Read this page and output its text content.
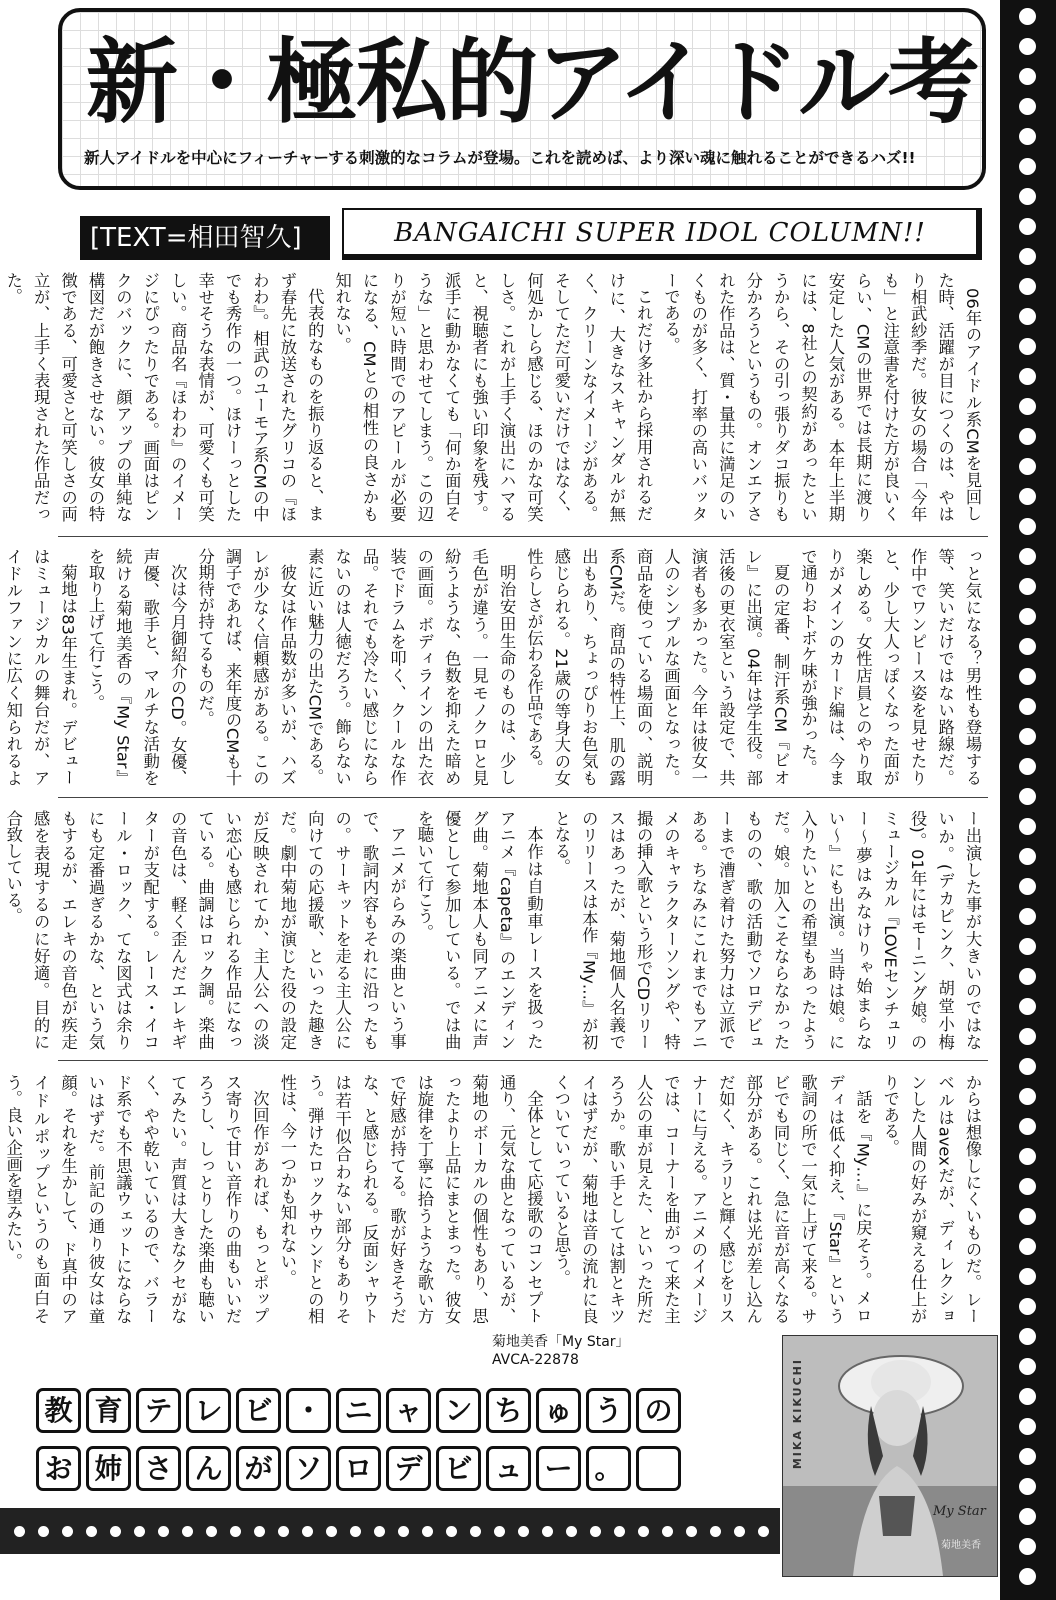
新・極私的アイドル考
新人アイドルを中心にフィーチャーする刺激的なコラムが登場。これを読めば、より深い魂に触れることができるハズ!!
[TEXT=相田智久]	BANGAICHI SUPER IDOL COLUMN!!

06年のアイドル系CMを見回した時、活躍が目につくのは、やはり相武紗季だ。彼女の場合「今年も」と注意書を付けた方が良いくらい、CMの世界では長期に渡り安定した人気がある。本年上半期には、8社との契約があったというから、その引っ張りダコ振りも分かろうというもの。オンエアされた作品は、質・量共に満足のいくものが多く、打率の高いバッターである。

これだけ多社から採用されるだけに、大きなスキャンダルが無く、クリーンなイメージがある。そしてただ可愛いだけではなく、何処かしら感じる、ほのかな可笑しさ。これが上手く演出にハマると、視聴者にも強い印象を残す。派手に動かなくても「何か面白そうな」と思わせてしまう。この辺りが短い時間でのアピールが必要になる、CMとの相性の良さかも知れない。

代表的なものを振り返ると、まず春先に放送されたグリコの『ほわわ』。相武のユーモア系CMの中でも秀作の一つ。ほけーっとした幸せそうな表情が、可愛くも可笑しい。商品名『ほわわ』のイメージにぴったりである。画面はピンクのバックに、顔アップの単純な構図だが飽きさせない。彼女の特徴である、可愛さと可笑しさの両立が、上手く表現された作品だった。

っと気になる？男性も登場する等、笑いだけではない路線だ。作中でワンピース姿を見せたりと、少し大人っぽくなった面が楽しめる。女性店員とのやり取りがメインのカード編は、今まで通りおトボケ味が強かった。

夏の定番、制汗系CM『ビオレ』に出演。04年は学生役。部活後の更衣室という設定で、共演者も多かった。今年は彼女一人のシンプルな画面となった。商品を使っている場面の、説明系CMだ。商品の特性上、肌の露出もあり、ちょっぴりお色気も感じられる。21歳の等身大の女性らしさが伝わる作品である。

明治安田生命のものは、少し毛色が違う。一見モノクロと見紛うような、色数を抑えた暗めの画面。ボディラインの出た衣装でドラムを叩く、クールな作品。それでも冷たい感じにならないのは人徳だろう。飾らない素に近い魅力の出たCMである。

彼女は作品数が多いが、ハズレが少なく信頼感がある。この調子であれば、来年度のCMも十分期待が持てるものだ。

次は今月御紹介のCD。女優、声優、歌手と、マルチな活動を続ける菊地美香の『My Star』を取り上げて行こう。

菊地は83年生まれ。デビューはミュージカルの舞台だが、アイドルファンに広く知られるよ

ー出演した事が大きいのではないか。(デカピンク、胡堂小梅役)。01年にはモーニング娘。のミュージカル『LOVEセンチュリー〜夢はみなけりゃ始まらない〜』にも出演。当時は娘。に入りたいとの希望もあったようだ。娘。加入こそならなかったものの、歌の活動でソロデビューまで漕ぎ着けた努力は立派である。ちなみにこれまでもアニメのキャラクターソングや、特撮の挿入歌という形でCDリリースはあったが、菊地個人名義でのリリースは本作『My…』が初となる。

本作は自動車レースを扱ったアニメ『capeta』のエンディング曲。菊地本人も同アニメに声優として参加している。では曲を聴いて行こう。

アニメがらみの楽曲という事で、歌詞内容もそれに沿ったもの。サーキットを走る主人公に向けての応援歌、といった趣きだ。劇中菊地が演じた役の設定が反映されてか、主人公への淡い恋心も感じられる作品になっている。曲調はロック調。楽曲の音色は、軽く歪んだエレキギターが支配する。レース・イコール・ロック、てな図式は余りにも定番過ぎるかな、という気もするが、エレキの音色が疾走感を表現するのに好適。目的に合致している。

からは想像しにくいものだ。レーベルはavexだが、ディレクションした人間の好みが窺える仕上がりである。

話を『My…』に戻そう。メロディは低く抑え、『Star』という歌詞の所で一気に上げて来る。サビでも同じく、急に音が高くなる部分がある。これは光が差し込んだ如く、キラリと輝く感じをリスナーに与える。アニメのイメージでは、コーナーを曲がって来た主人公の車が見えた、といった所だろうか。歌い手としては割とキツイはずだが、菊地は音の流れに良くついていっていると思う。

全体として応援歌のコンセプト通り、元気な曲となっているが、菊地のボーカルの個性もあり、思ったより上品にまとまった。彼女は旋律を丁寧に拾うような歌い方で好感が持てる。歌が好きそうだな、と感じられる。反面シャウトは若干似合わない部分もありそう。弾けたロックサウンドとの相性は、今一つかも知れない。

次回作があれば、もっとポップス寄りで甘い音作りの曲もいいだろうし、しっとりした楽曲も聴いてみたい。声質は大きなクセがなく、やや乾いているので、バラード系でも不思議ウェットにならないはずだ。前記の通り彼女は童顔。それを生かして、ド真中のアイドルポップというのも面白そう。良い企画を望みたい。

菊地美香「My Star」
AVCA-22878	MIKA KIKUCHI
My Star
菊地美香
教 育 テ レ ビ ・ ニ ャ ン ち ゅ う の
お 姉 さ ん が ソ ロ デ ビ ュ ー 。
